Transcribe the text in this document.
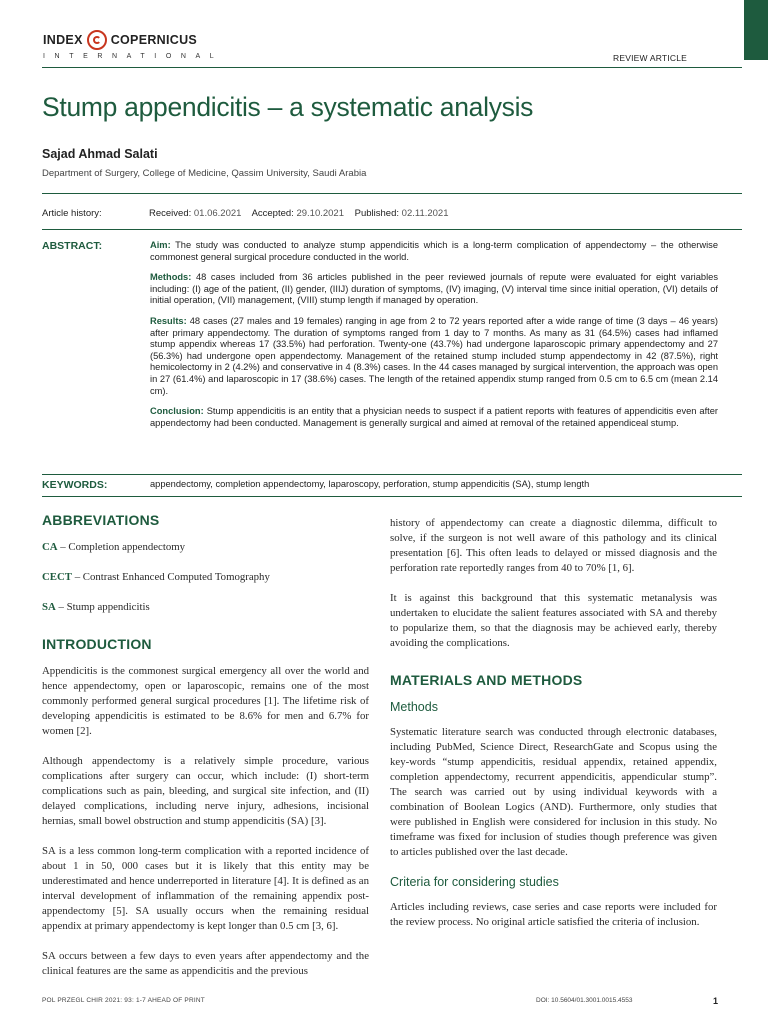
INDEX COPERNICUS
INTERNATIONAL	REVIEW ARTICLE
Stump appendicitis – a systematic analysis
Sajad Ahmad Salati
Department of Surgery, College of Medicine, Qassim University, Saudi Arabia
Article history:	Received: 01.06.2021 Accepted: 29.10.2021 Published: 02.11.2021
ABSTRACT:	Aim: The study was conducted to analyze stump appendicitis which is a long-term complication of appendectomy – the otherwise commonest general surgical procedure conducted in the world.

Methods: 48 cases included from 36 articles published in the peer reviewed journals of repute were evaluated for eight variables including: (I) age of the patient, (II) gender, (IIIJ) duration of symptoms, (IV) imaging, (V) interval time since initial operation, (VI) details of initial operation, (VII) management, (VIII) stump length if managed by operation.

Results: 48 cases (27 males and 19 females) ranging in age from 2 to 72 years reported after a wide range of time (3 days – 46 years) after primary appendectomy. The duration of symptoms ranged from 1 day to 7 months. As many as 31 (64.5%) cases had inflamed stump appendix whereas 17 (33.5%) had perforation. Twenty-one (43.7%) had undergone laparoscopic primary appendectomy and 27 (56.3%) had undergone open appendectomy. Management of the retained stump included stump appendectomy in 42 (87.5%), right hemicolectomy in 2 (4.2%) and conservative in 4 (8.3%) cases. In the 44 cases managed by surgical intervention, the approach was open in 27 (61.4%) and laparoscopic in 17 (38.6%) cases. The length of the retained appendix stump ranged from 0.5 cm to 6.5 cm (mean 2.14 cm).

Conclusion: Stump appendicitis is an entity that a physician needs to suspect if a patient reports with features of appendicitis even after appendectomy had been conducted. Management is generally surgical and aimed at removal of the retained appendiceal stump.

KEYWORDS:	appendectomy, completion appendectomy, laparoscopy, perforation, stump appendicitis (SA), stump length
ABBREVIATIONS

CA – Completion appendectomy

CECT – Contrast Enhanced Computed Tomography

SA – Stump appendicitis

INTRODUCTION

Appendicitis is the commonest surgical emergency all over the world and hence appendectomy, open or laparoscopic, remains one of the most commonly performed general surgical procedures [1]. The lifetime risk of developing appendicitis is estimated to be 8.6% for men and 6.7% for women [2].

Although appendectomy is a relatively simple procedure, various complications after surgery can occur, which include: (I) short-term complications such as pain, bleeding, and surgical site infection, and (II) delayed complications, including nerve injury, adhesions, incisional hernias, small bowel obstruction and stump appendicitis (SA) [3].

SA is a less common long-term complication with a reported incidence of about 1 in 50, 000 cases but it is likely that this entity may be underestimated and hence underreported in literature [4]. It is defined as an interval development of inflammation of the remaining appendix post-appendectomy [5]. SA usually occurs when the remaining residual appendix at primary appendectomy is kept longer than 0.5 cm [3, 6].

SA occurs between a few days to even years after appendectomy and the clinical features are the same as appendicitis and the previous

history of appendectomy can create a diagnostic dilemma, difficult to solve, if the surgeon is not well aware of this pathology and its clinical presentation [6]. This often leads to delayed or missed diagnosis and the perforation rate reportedly ranges from 40 to 70% [1, 6].

It is against this background that this systematic metanalysis was undertaken to elucidate the salient features associated with SA and thereby to popularize them, so that the diagnosis may be achieved early, thereby avoiding the complications.

MATERIALS AND METHODS
Methods

Systematic literature search was conducted through electronic databases, including PubMed, Science Direct, ResearchGate and Scopus using the key-words “stump appendicitis, residual appendix, retained appendix, completion appendectomy, recurrent appendicitis, appendicular stump”. The search was carried out by using individual keywords with a combination of Boolean Logics (AND). Furthermore, only studies that were published in English were considered for inclusion in this study. No timeframe was fixed for inclusion of studies though preference was given to articles published over the last decade.

Criteria for considering studies

Articles including reviews, case series and case reports were included for the review process. No original article satisfied the criteria of inclusion.

POL PRZEGL CHIR 2021: 93: 1-7 AHEAD OF PRINT	DOI: 10.5604/01.3001.0015.4553	1
